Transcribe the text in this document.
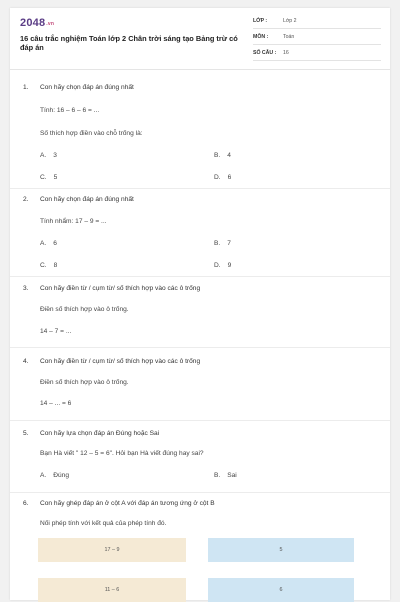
$2048^{.vn}$
16 câu trắc nghiệm Toán lớp 2 Chân trời sáng tạo Bảng trừ có đáp án
LỚP :	Lớp 2
MÔN :	Toán
SỐ CÂU : 16
1. Con hãy chọn đáp án đúng nhất
Tính: 16 – 6 – 6 = ...
Số thích hợp điền vào chỗ trống là:
A. 3	B. 4
C. 5	D. 6
2. Con hãy chọn đáp án đúng nhất
Tính nhẩm: 17 – 9 = ...
A. 6	B. 7
C. 8	D. 9
3. Con hãy điền từ / cụm từ/ số thích hợp vào các ô trống
Điền số thích hợp vào ô trống.
14 – 7 = ...
4. Con hãy điền từ / cụm từ/ số thích hợp vào các ô trống
Điền số thích hợp vào ô trống.
14 – ... = 6
5. Con hãy lựa chọn đáp án Đúng hoặc Sai
Bạn Hà viết " 12 – 5 = 6". Hỏi bạn Hà viết đúng hay sai?
A. Đúng	B. Sai
6. Con hãy ghép đáp án ở cột A với đáp án tương ứng ở cột B
Nối phép tính với kết quả của phép tính đó.
17 – 9	5
11 – 6	6
